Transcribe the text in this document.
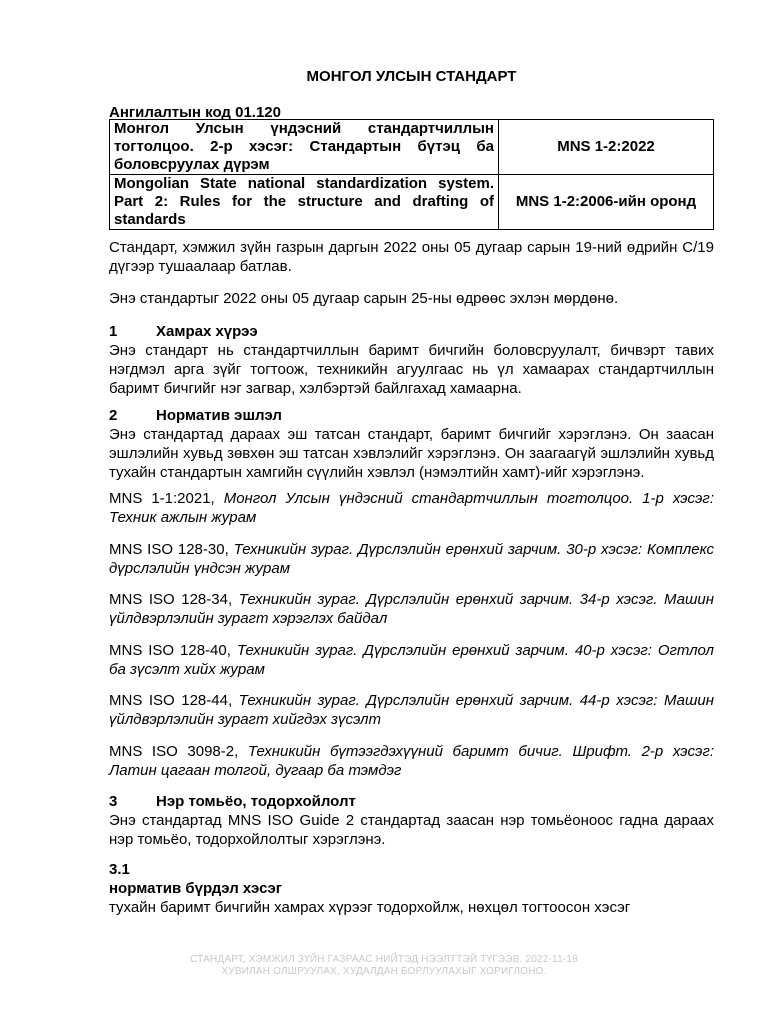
МОНГОЛ УЛСЫН СТАНДАРТ
Ангилалтын код 01.120
Монгол Улсын үндэсний стандартчиллын тогтолцоо. 2-р хэсэг: Стандартын бүтэц ба боловсруулах дүрэм	MNS 1-2:2022
Mongolian State national standardization system. Part 2: Rules for the structure and drafting of standards	MNS 1-2:2006-ийн оронд

Стандарт, хэмжил зүйн газрын даргын 2022 оны 05 дугаар сарын 19-ний өдрийн С/19 дүгээр тушаалаар батлав.

Энэ стандартыг 2022 оны 05 дугаар сарын 25-ны өдрөөс эхлэн мөрдөнө.

1	Хамрах хүрээ

Энэ стандарт нь стандартчиллын баримт бичгийн боловсруулалт, бичвэрт тавих нэгдмэл арга зүйг тогтоож, техникийн агуулгаас нь үл хамаарах стандартчиллын баримт бичгийг нэг загвар, хэлбэртэй байлгахад хамаарна.

2	Норматив эшлэл

Энэ стандартад дараах эш татсан стандарт, баримт бичгийг хэрэглэнэ. Он заасан эшлэлийн хувьд зөвхөн эш татсан хэвлэлийг хэрэглэнэ. Он заагаагүй эшлэлийн хувьд тухайн стандартын хамгийн сүүлийн хэвлэл (нэмэлтийн хамт)-ийг хэрэглэнэ.

MNS 1-1:2021, Монгол Улсын үндэсний стандартчиллын тогтолцоо. 1-р хэсэг: Техник ажлын журам

MNS ISO 128-30, Техникийн зураг. Дүрслэлийн ерөнхий зарчим. 30-р хэсэг: Комплекс дүрслэлийн үндсэн журам

MNS ISO 128-34, Техникийн зураг. Дүрслэлийн ерөнхий зарчим. 34-р хэсэг. Машин үйлдвэрлэлийн зурагт хэрэглэх байдал

MNS ISO 128-40, Техникийн зураг. Дүрслэлийн ерөнхий зарчим. 40-р хэсэг: Огтлол ба зүсэлт хийх журам

MNS ISO 128-44, Техникийн зураг. Дүрслэлийн ерөнхий зарчим. 44-р хэсэг: Машин үйлдвэрлэлийн зурагт хийгдэх зүсэлт

MNS ISO 3098-2, Техникийн бүтээгдэхүүний баримт бичиг. Шрифт. 2-р хэсэг: Латин цагаан толгой, дугаар ба тэмдэг

3	Нэр томьёо, тодорхойлолт

Энэ стандартад MNS ISO Guide 2 стандартад заасан нэр томьёоноос гадна дараах нэр томьёо, тодорхойлолтыг хэрэглэнэ.

3.1

норматив бүрдэл хэсэг

тухайн баримт бичгийн хамрах хүрээг тодорхойлж, нөхцөл тогтоосон хэсэг

СТАНДАРТ, ХЭМЖИЛ ЗҮЙН ГАЗРААС НИЙТЭД НЭЭЛТТЭЙ ТҮГЭЭВ. 2022-11-18
ХУВИЛАН ОЛШРУУЛАХ, ХУДАЛДАН БОРЛУУЛАХЫГ ХОРИГЛОНО.
